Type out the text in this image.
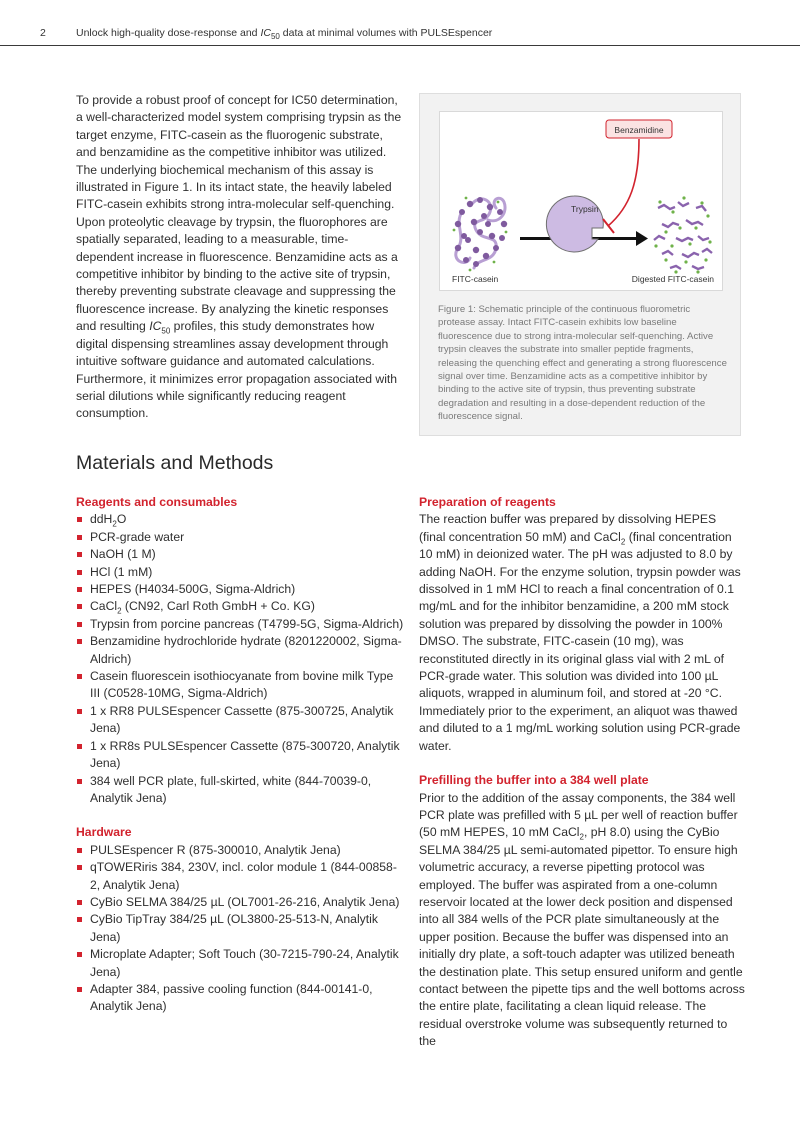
2	Unlock high-quality dose-response and $IC_{50}$ data at minimal volumes with PULSEspencer

To provide a robust proof of concept for IC50 determination, a well-characterized model system comprising trypsin as the target enzyme, FITC-casein as the fluorogenic substrate, and benzamidine as the competitive inhibitor was utilized. The underlying biochemical mechanism of this assay is illustrated in Figure 1. In its intact state, the heavily labeled FITC-casein exhibits strong intra-molecular self-quenching. Upon proteolytic cleavage by trypsin, the fluorophores are spatially separated, leading to a measurable, time-dependent increase in fluorescence. Benzamidine acts as a competitive inhibitor by binding to the active site of trypsin, thereby preventing substrate cleavage and suppressing the fluorescence increase. By analyzing the kinetic responses and resulting $IC_{50}$ profiles, this study demonstrates how digital dispensing streamlines assay development through intuitive software guidance and automated calculations. Furthermore, it minimizes error propagation associated with serial dilutions while significantly reducing reagent consumption.

FITC-casein
Trypsin
Benzamidine
Digested FITC-casein

Figure 1: Schematic principle of the continuous fluorometric protease assay. Intact FITC-casein exhibits low baseline fluorescence due to strong intra-molecular self-quenching. Active trypsin cleaves the substrate into smaller peptide fragments, releasing the quenching effect and generating a strong fluorescence signal over time. Benzamidine acts as a competitive inhibitor by binding to the active site of trypsin, thus preventing substrate degradation and resulting in a dose-dependent reduction of the fluorescence signal.

Materials and Methods

Reagents and consumables

ddH$_2$O
PCR-grade water
NaOH (1 M)
HCl (1 mM)
HEPES (H4034-500G, Sigma-Aldrich)
CaCl$_2$ (CN92, Carl Roth GmbH + Co. KG)
Trypsin from porcine pancreas (T4799-5G, Sigma-Aldrich)
Benzamidine hydrochloride hydrate (8201220002, Sigma-Aldrich)
Casein fluorescein isothiocyanate from bovine milk Type III (C0528-10MG, Sigma-Aldrich)
1 x RR8 PULSEspencer Cassette (875-300725, Analytik Jena)
1 x RR8s PULSEspencer Cassette (875-300720, Analytik Jena)
384 well PCR plate, full-skirted, white (844-70039-0, Analytik Jena)

Hardware

PULSEspencer R (875-300010, Analytik Jena)
qTOWERiris 384, 230V, incl. color module 1 (844-00858-2, Analytik Jena)
CyBio SELMA 384/25 µL (OL7001-26-216, Analytik Jena)
CyBio TipTray 384/25 µL (OL3800-25-513-N, Analytik Jena)
Microplate Adapter; Soft Touch (30-7215-790-24, Analytik Jena)
Adapter 384, passive cooling function (844-00141-0, Analytik Jena)

Preparation of reagents

The reaction buffer was prepared by dissolving HEPES (final concentration 50 mM) and CaCl$_2$ (final concentration 10 mM) in deionized water. The pH was adjusted to 8.0 by adding NaOH. For the enzyme solution, trypsin powder was dissolved in 1 mM HCl to reach a final concentration of 0.1 mg/mL and for the inhibitor benzamidine, a 200 mM stock solution was prepared by dissolving the powder in 100% DMSO. The substrate, FITC-casein (10 mg), was reconstituted directly in its original glass vial with 2 mL of PCR-grade water. This solution was divided into 100 µL aliquots, wrapped in aluminum foil, and stored at -20 °C. Immediately prior to the experiment, an aliquot was thawed and diluted to a 1 mg/mL working solution using PCR-grade water.

Prefilling the buffer into a 384 well plate

Prior to the addition of the assay components, the 384 well PCR plate was prefilled with 5 µL per well of reaction buffer (50 mM HEPES, 10 mM CaCl$_2$, pH 8.0) using the CyBio SELMA 384/25 µL semi-automated pipettor. To ensure high volumetric accuracy, a reverse pipetting protocol was employed. The buffer was aspirated from a one-column reservoir located at the lower deck position and dispensed into all 384 wells of the PCR plate simultaneously at the upper position. Because the buffer was dispensed into an initially dry plate, a soft-touch adapter was utilized beneath the destination plate. This setup ensured uniform and gentle contact between the pipette tips and the well bottoms across the entire plate, facilitating a clean liquid release. The residual overstroke volume was subsequently returned to the
